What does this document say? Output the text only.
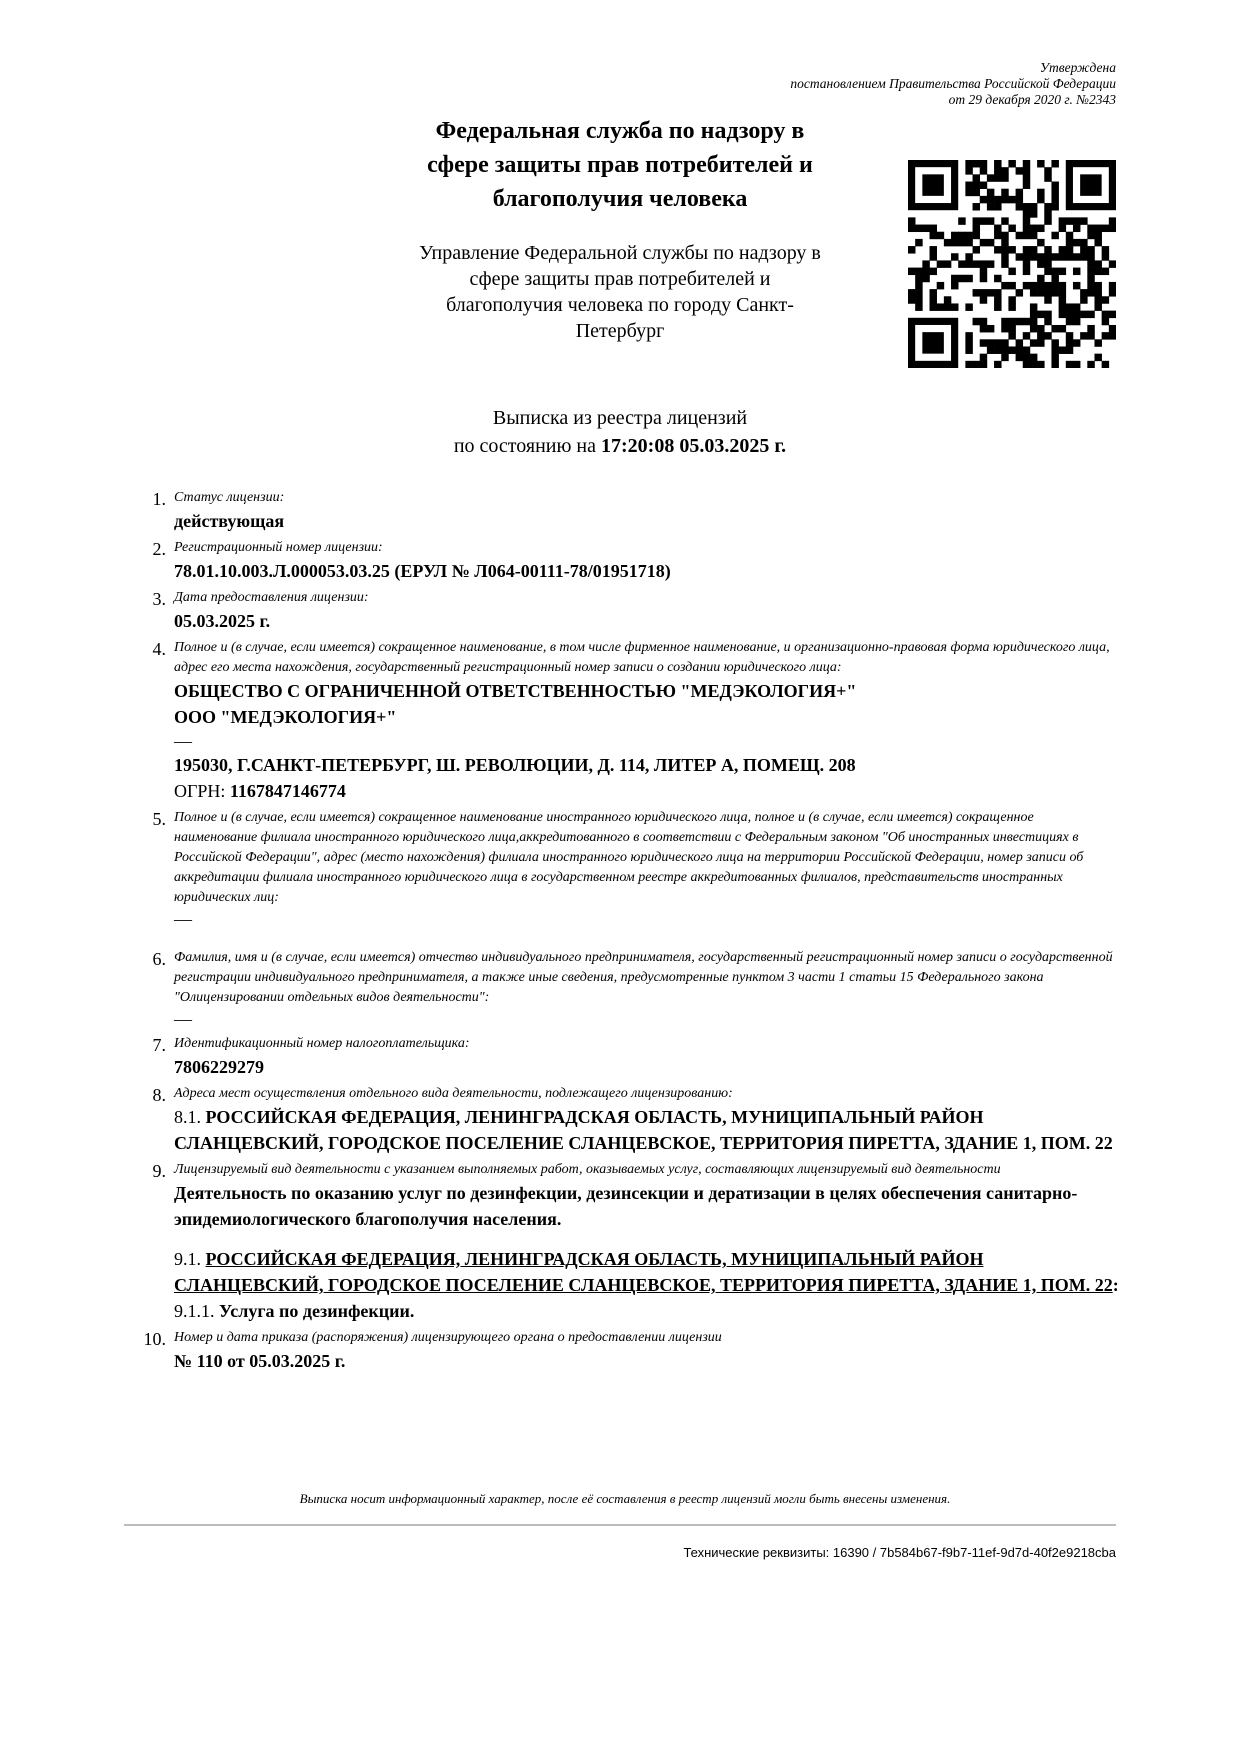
Утверждена
постановлением Правительства Российской Федерации
от 29 декабря 2020 г. №2343
Федеральная служба по надзору в
сфере защиты прав потребителей и
благополучия человека
Управление Федеральной службы по надзору в
сфере защиты прав потребителей и
благополучия человека по городу Санкт-
Петербург
Выписка из реестра лицензий
по состоянию на 17:20:08 05.03.2025 г.
1. Статус лицензии:
действующая
2. Регистрационный номер лицензии:
78.01.10.003.Л.000053.03.25 (ЕРУЛ № Л064-00111-78/01951718)
3. Дата предоставления лицензии:
05.03.2025 г.
4. Полное и (в случае, если имеется) сокращенное наименование, в том числе фирменное наименование, и организационно-правовая форма юридического лица, адрес его места нахождения, государственный регистрационный номер записи о создании юридического лица:
ОБЩЕСТВО С ОГРАНИЧЕННОЙ ОТВЕТСТВЕННОСТЬЮ "МЕДЭКОЛОГИЯ+"
ООО "МЕДЭКОЛОГИЯ+"
—
195030, Г.САНКТ-ПЕТЕРБУРГ, Ш. РЕВОЛЮЦИИ, Д. 114, ЛИТЕР А, ПОМЕЩ. 208
ОГРН: 1167847146774
5. Полное и (в случае, если имеется) сокращенное наименование иностранного юридического лица, полное и (в случае, если имеется) сокращенное наименование филиала иностранного юридического лица,аккредитованного в соответствии с Федеральным законом "Об иностранных инвестициях в Российской Федерации", адрес (место нахождения) филиала иностранного юридического лица на территории Российской Федерации, номер записи об аккредитации филиала иностранного юридического лица в государственном реестре аккредитованных филиалов, представительств иностранных юридических лиц:
—
6. Фамилия, имя и (в случае, если имеется) отчество индивидуального предпринимателя, государственный регистрационный номер записи о государственной регистрации индивидуального предпринимателя, а также иные сведения, предусмотренные пунктом 3 части 1 статьи 15 Федерального закона "Олицензировании отдельных видов деятельности":
—
7. Идентификационный номер налогоплательщика:
7806229279
8. Адреса мест осуществления отдельного вида деятельности, подлежащего лицензированию:
8.1. РОССИЙСКАЯ ФЕДЕРАЦИЯ, ЛЕНИНГРАДСКАЯ ОБЛАСТЬ, МУНИЦИПАЛЬНЫЙ РАЙОН СЛАНЦЕВСКИЙ, ГОРОДСКОЕ ПОСЕЛЕНИЕ СЛАНЦЕВСКОЕ, ТЕРРИТОРИЯ ПИРЕТТА, ЗДАНИЕ 1, ПОМ. 22
9. Лицензируемый вид деятельности с указанием выполняемых работ, оказываемых услуг, составляющих лицензируемый вид деятельности
Деятельность по оказанию услуг по дезинфекции, дезинсекции и дератизации в целях обеспечения санитарно-эпидемиологического благополучия населения.
9.1. РОССИЙСКАЯ ФЕДЕРАЦИЯ, ЛЕНИНГРАДСКАЯ ОБЛАСТЬ, МУНИЦИПАЛЬНЫЙ РАЙОН СЛАНЦЕВСКИЙ, ГОРОДСКОЕ ПОСЕЛЕНИЕ СЛАНЦЕВСКОЕ, ТЕРРИТОРИЯ ПИРЕТТА, ЗДАНИЕ 1, ПОМ. 22:
9.1.1. Услуга по дезинфекции.
10. Номер и дата приказа (распоряжения) лицензирующего органа о предоставлении лицензии
№ 110 от 05.03.2025 г.
Выписка носит информационный характер, после её составления в реестр лицензий могли быть внесены изменения.
Технические реквизиты: 16390 / 7b584b67-f9b7-11ef-9d7d-40f2e9218cba
